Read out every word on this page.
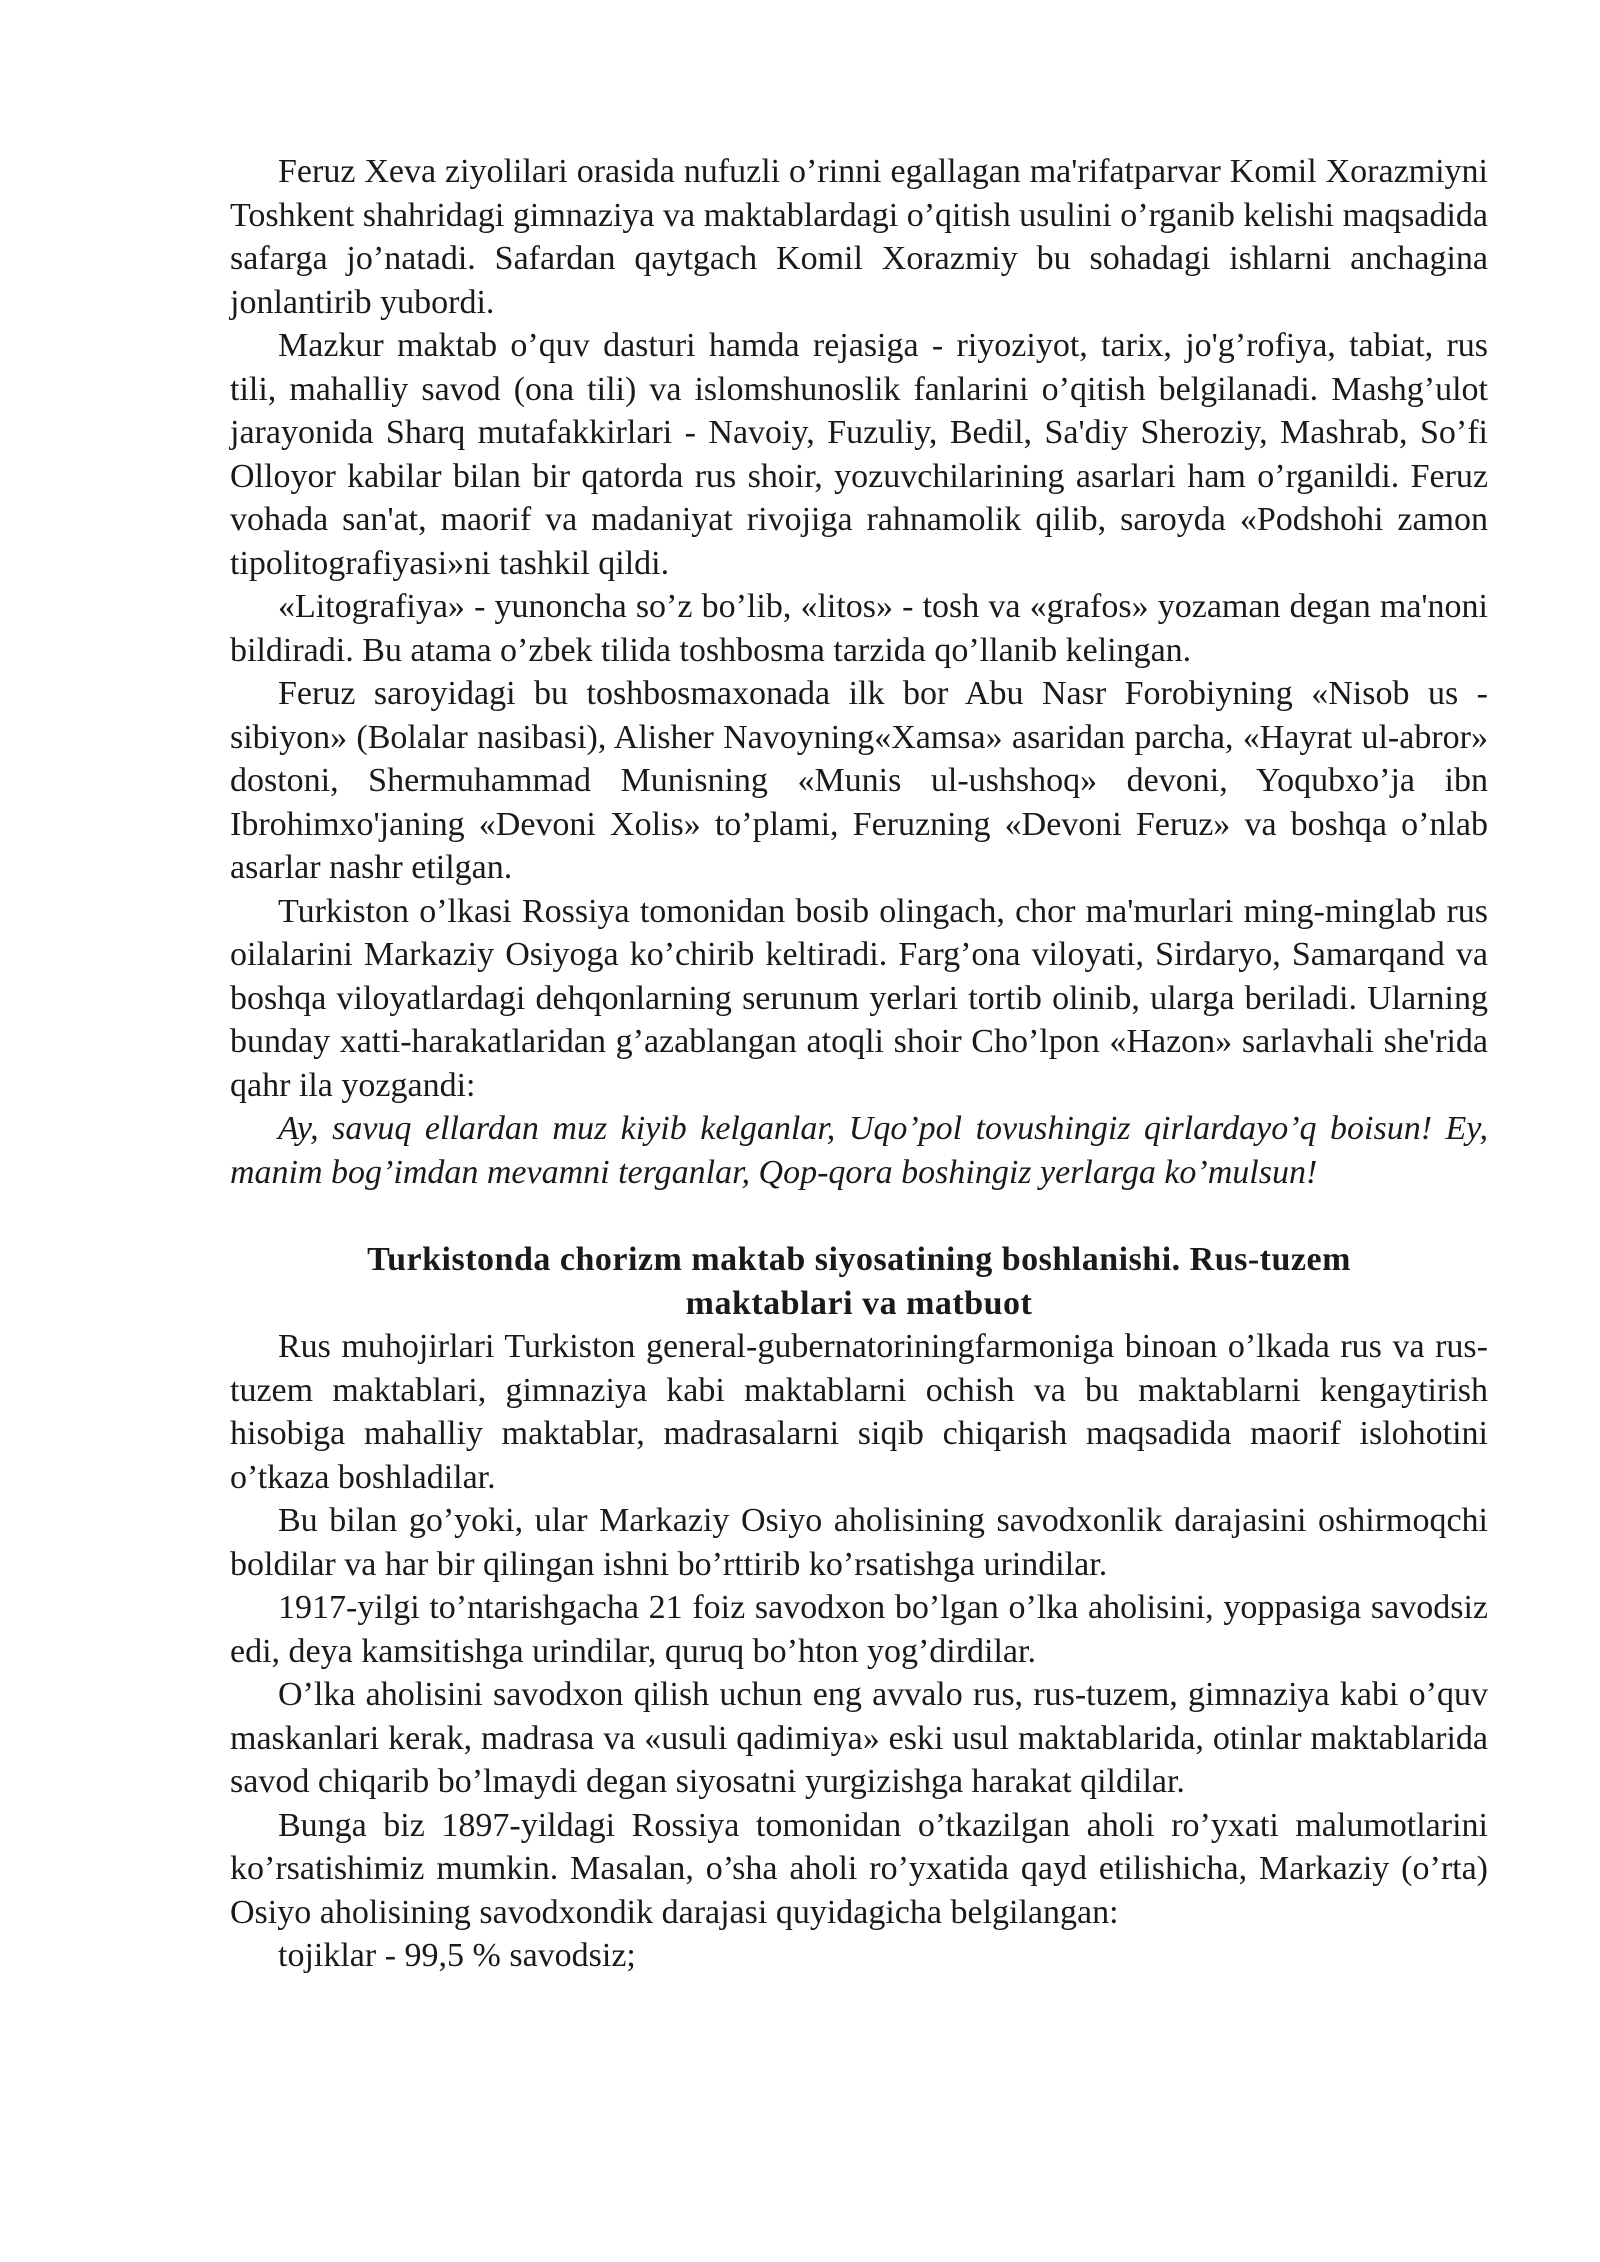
Feruz Xeva ziyolilari orasida nufuzli o’rinni egallagan ma'rifatparvar Komil Xorazmiyni Toshkent shahridagi gimnaziya va maktablardagi o’qitish usulini o’rganib kelishi maqsadida safarga jo’natadi. Safardan qaytgach Komil Xorazmiy bu sohadagi ishlarni anchagina jonlantirib yubordi.

Mazkur maktab o’quv dasturi hamda rejasiga - riyoziyot, tarix, jo'g’rofiya, tabiat, rus tili, mahalliy savod (ona tili) va islomshunoslik fanlarini o’qitish belgilanadi. Mashg’ulot jarayonida Sharq mutafakkirlari - Navoiy, Fuzuliy, Bedil, Sa'diy Sheroziy, Mashrab, So’fi Olloyor kabilar bilan bir qatorda rus shoir, yozuvchilarining asarlari ham o’rganildi. Feruz vohada san'at, maorif va madaniyat rivojiga rahnamolik qilib, saroyda «Podshohi zamon tipolitografiyasi»ni tashkil qildi.

«Litografiya» - yunoncha so’z bo’lib, «litos» - tosh va «grafos» yozaman degan ma'noni bildiradi. Bu atama o’zbek tilida toshbosma tarzida qo’llanib kelingan.

Feruz saroyidagi bu toshbosmaxonada ilk bor Abu Nasr Forobiyning «Nisob us - sibiyon» (Bolalar nasibasi), Alisher Navoyning«Xamsa» asaridan parcha, «Hayrat ul-abror» dostoni, Shermuhammad Munisning «Munis ul-ushshoq» devoni, Yoqubxo’ja ibn Ibrohimxo'janing «Devoni Xolis» to’plami, Feruzning «Devoni Feruz» va boshqa o’nlab asarlar nashr etilgan.

Turkiston o’lkasi Rossiya tomonidan bosib olingach, chor ma'murlari ming-minglab rus oilalarini Markaziy Osiyoga ko’chirib keltiradi. Farg’ona viloyati, Sirdaryo, Samarqand va boshqa viloyatlardagi dehqonlarning serunum yerlari tortib olinib, ularga beriladi. Ularning bunday xatti-harakatlaridan g’azablangan atoqli shoir Cho’lpon «Hazon» sarlavhali she'rida qahr ila yozgandi:

Ay, savuq ellardan muz kiyib kelganlar, Uqo’pol tovushingiz qirlardayo’q boisun! Ey, manim bog’imdan mevamni terganlar, Qop-qora boshingiz yerlarga ko’mulsun!

Turkistonda chorizm maktab siyosatining boshlanishi. Rus-tuzem
maktablari va matbuot

Rus muhojirlari Turkiston general-gubernatoriningfarmoniga binoan o’lkada rus va rus-tuzem maktablari, gimnaziya kabi maktablarni ochish va bu maktablarni kengaytirish hisobiga mahalliy maktablar, madrasalarni siqib chiqarish maqsadida maorif islohotini o’tkaza boshladilar.

Bu bilan go’yoki, ular Markaziy Osiyo aholisining savodxonlik darajasini oshirmoqchi boldilar va har bir qilingan ishni bo’rttirib ko’rsatishga urindilar.

1917-yilgi to’ntarishgacha 21 foiz savodxon bo’lgan o’lka aholisini, yoppasiga savodsiz edi, deya kamsitishga urindilar, quruq bo’hton yog’dirdilar.

O’lka aholisini savodxon qilish uchun eng avvalo rus, rus-tuzem, gimnaziya kabi o’quv maskanlari kerak, madrasa va «usuli qadimiya» eski usul maktablarida, otinlar maktablarida savod chiqarib bo’lmaydi degan siyosatni yurgizishga harakat qildilar.

Bunga biz 1897-yildagi Rossiya tomonidan o’tkazilgan aholi ro’yxati malumotlarini ko’rsatishimiz mumkin. Masalan, o’sha aholi ro’yxatida qayd etilishicha, Markaziy (o’rta) Osiyo aholisining savodxondik darajasi quyidagicha belgilangan:

tojiklar - 99,5 % savodsiz;
